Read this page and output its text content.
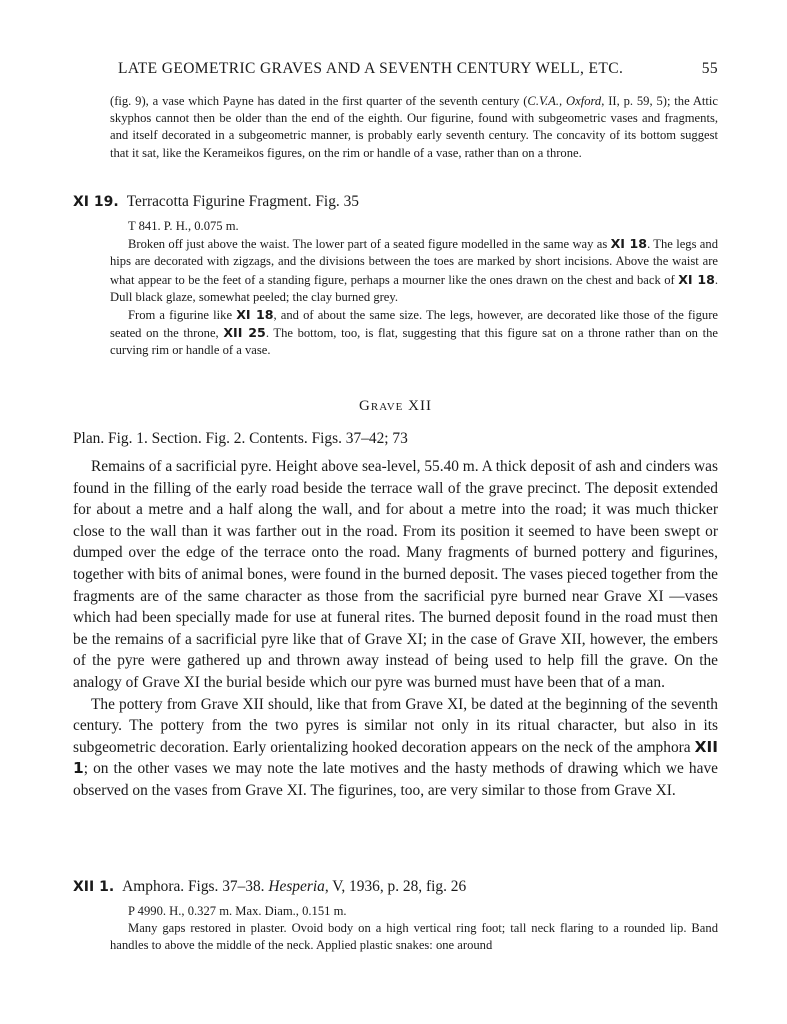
LATE GEOMETRIC GRAVES AND A SEVENTH CENTURY WELL, ETC.	55

(fig. 9), a vase which Payne has dated in the first quarter of the seventh century (C.V.A., Oxford, II, p. 59, 5); the Attic skyphos cannot then be older than the end of the eighth. Our figurine, found with subgeometric vases and fragments, and itself decorated in a subgeometric manner, is probably early seventh century. The concavity of its bottom suggest that it sat, like the Kerameikos figures, on the rim or handle of a vase, rather than on a throne.

XI 19. Terracotta Figurine Fragment. Fig. 35

T 841. P. H., 0.075 m.

Broken off just above the waist. The lower part of a seated figure modelled in the same way as XI 18. The legs and hips are decorated with zigzags, and the divisions between the toes are marked by short incisions. Above the waist are what appear to be the feet of a standing figure, perhaps a mourner like the ones drawn on the chest and back of XI 18. Dull black glaze, somewhat peeled; the clay burned grey.

From a figurine like XI 18, and of about the same size. The legs, however, are decorated like those of the figure seated on the throne, XII 25. The bottom, too, is flat, suggesting that this figure sat on a throne rather than on the curving rim or handle of a vase.

Grave XII
Plan. Fig. 1. Section. Fig. 2. Contents. Figs. 37–42; 73

Remains of a sacrificial pyre. Height above sea-level, 55.40 m. A thick deposit of ash and cinders was found in the filling of the early road beside the terrace wall of the grave precinct. The deposit extended for about a metre and a half along the wall, and for about a metre into the road; it was much thicker close to the wall than it was farther out in the road. From its position it seemed to have been swept or dumped over the edge of the terrace onto the road. Many fragments of burned pottery and figurines, together with bits of animal bones, were found in the burned deposit. The vases pieced together from the fragments are of the same character as those from the sacrificial pyre burned near Grave XI —vases which had been specially made for use at funeral rites. The burned deposit found in the road must then be the remains of a sacrificial pyre like that of Grave XI; in the case of Grave XII, however, the embers of the pyre were gathered up and thrown away instead of being used to help fill the grave. On the analogy of Grave XI the burial beside which our pyre was burned must have been that of a man.

The pottery from Grave XII should, like that from Grave XI, be dated at the beginning of the seventh century. The pottery from the two pyres is similar not only in its ritual character, but also in its subgeometric decoration. Early orientalizing hooked decoration appears on the neck of the amphora XII 1; on the other vases we may note the late motives and the hasty methods of drawing which we have observed on the vases from Grave XI. The figurines, too, are very similar to those from Grave XI.

XII 1. Amphora. Figs. 37–38. Hesperia, V, 1936, p. 28, fig. 26

P 4990. H., 0.327 m. Max. Diam., 0.151 m.

Many gaps restored in plaster. Ovoid body on a high vertical ring foot; tall neck flaring to a rounded lip. Band handles to above the middle of the neck. Applied plastic snakes: one around
